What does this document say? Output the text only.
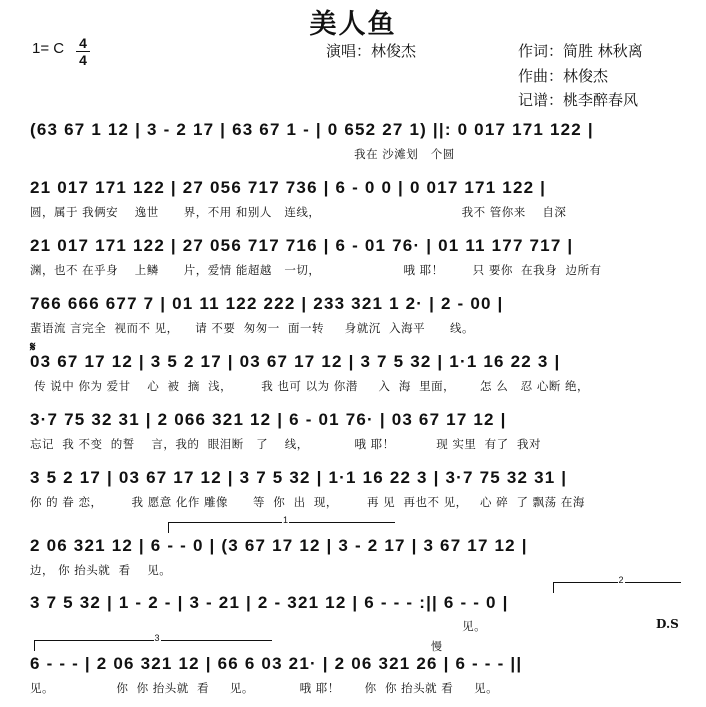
美人鱼
1= C 4
4	演唱：林俊杰	作词：简胜 林秋离
作曲：林俊杰
记谱：桃李醉春风
(63 67 1 12 | 3 - 2 17 | 63 67 1 - | 0 652 27 1) ||: 0 017 171 122 |
我在 沙滩划   个圆
21 017 171 122 | 27 056 717 736 | 6 - 0 0 | 0 017 171 122 |
圆，属于 我俩安    逸世      界，不用 和别人   连线，                                  我不 管你来    自深
21 017 171 122 | 27 056 717 716 | 6 - 01 76· | 01 11 177 717 |
渊，也不 在乎身    上鳞      片，爱情 能超越   一切，                    哦 耶！       只 要你  在我身  边所有
766 666 677 7 | 01 11 122 222 | 233 321 1 2· | 2 - 00 |
蜚语流 言完全  视而不 见，    请 不要  匆匆一  面一转     身就沉  入海平      线。
𝄋
03 67 17 12 | 3 5 2 17 | 03 67 17 12 | 3 7 5 32 | 1·1 16 22 3 |
传 说中 你为 爱甘    心  被  摘  浅，       我 也可 以为 你潜     入  海  里面，      怎 么   忍 心断 绝，
3·7 75 32 31 | 2 066 321 12 | 6 - 01 76· | 03 67 17 12 |
忘记  我 不变  的誓    言，我的  眼泪断   了    线，           哦 耶！          现 实里  有了  我对
3 5 2 17 | 03 67 17 12 | 3 7 5 32 | 1·1 16 22 3 | 3·7 75 32 31 |
你 的 眷 恋，       我 愿意 化作 雕像      等  你  出  现，       再 见  再也不 见，   心 碎  了 飘荡 在海
1
2 06 321 12 | 6 - - 0 | (3 67 17 12 | 3 - 2 17 | 3 67 17 12 |
边， 你 抬头就  看    见。
2
3 7 5 32 | 1 - 2 - | 3 - 21 | 2 - 321 12 | 6 - - - :|| 6 - - 0 |
见。	D.S
3
慢
6 - - - | 2 06 321 12 | 66 6 03 21· | 2 06 321 26 | 6 - - - ||
见。               你  你 抬头就  看     见。           哦 耶！      你  你 抬头就 看     见。
